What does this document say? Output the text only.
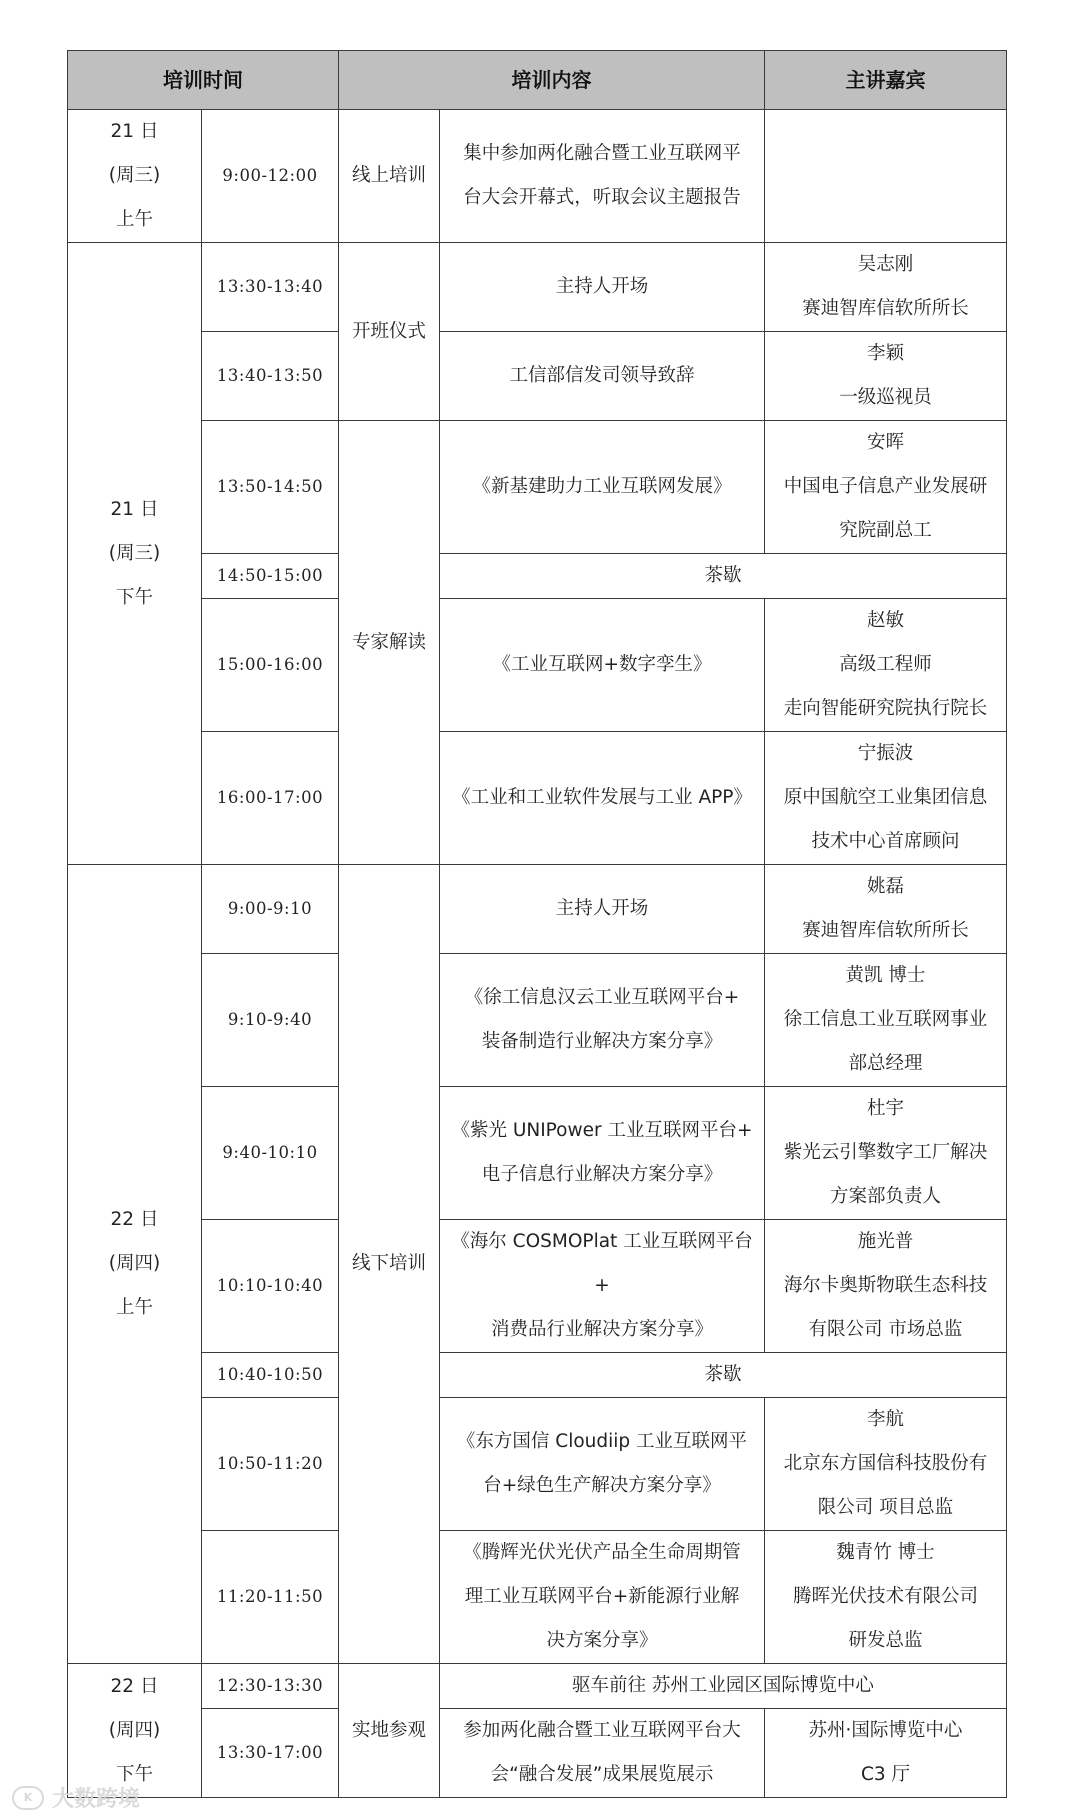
培训时间		培训内容		主讲嘉宾

21 日
(周三)
上午	9:00-12:00	线上培训	集中参加两化融合暨工业互联网平
台大会开幕式，听取会议主题报告	

21 日
(周三)
下午	13:30-13:40	开班仪式	主持人开场	吴志刚
赛迪智库信软所所长

	13:40-13:50		工信部信发司领导致辞	李颖
一级巡视员

	13:50-14:50	专家解读	《新基建助力工业互联网发展》	安晖
中国电子信息产业发展研
究院副总工

	14:50-15:00		茶歇	
	15:00-16:00		《工业互联网+数字孪生》	赵敏
高级工程师
走向智能研究院执行院长

	16:00-17:00		《工业和工业软件发展与工业 APP》	宁振波
原中国航空工业集团信息
技术中心首席顾问

22 日
(周四)
上午	9:00-9:10	线下培训	主持人开场	姚磊
赛迪智库信软所所长

	9:10-9:40		《徐工信息汉云工业互联网平台+
装备制造行业解决方案分享》	黄凯 博士
徐工信息工业互联网事业
部总经理

	9:40-10:10		《紫光 UNIPower 工业互联网平台+
电子信息行业解决方案分享》	杜宇
紫光云引擎数字工厂解决
方案部负责人

	10:10-10:40		《海尔 COSMOPlat 工业互联网平台+
消费品行业解决方案分享》	施光普
海尔卡奥斯物联生态科技
有限公司 市场总监

	10:40-10:50		茶歇	
	10:50-11:20		《东方国信 Cloudiip 工业互联网平
台+绿色生产解决方案分享》	李航
北京东方国信科技股份有
限公司 项目总监

	11:20-11:50		《腾辉光伏光伏产品全生命周期管
理工业互联网平台+新能源行业解
决方案分享》	魏青竹 博士
腾晖光伏技术有限公司
研发总监

22 日
(周四)
下午	12:30-13:30	实地参观	驱车前往 苏州工业园区国际博览中心	
	13:30-17:00		参加两化融合暨工业互联网平台大
会“融合发展”成果展览展示	苏州·国际博览中心
C3 厅
K 大数跨境
